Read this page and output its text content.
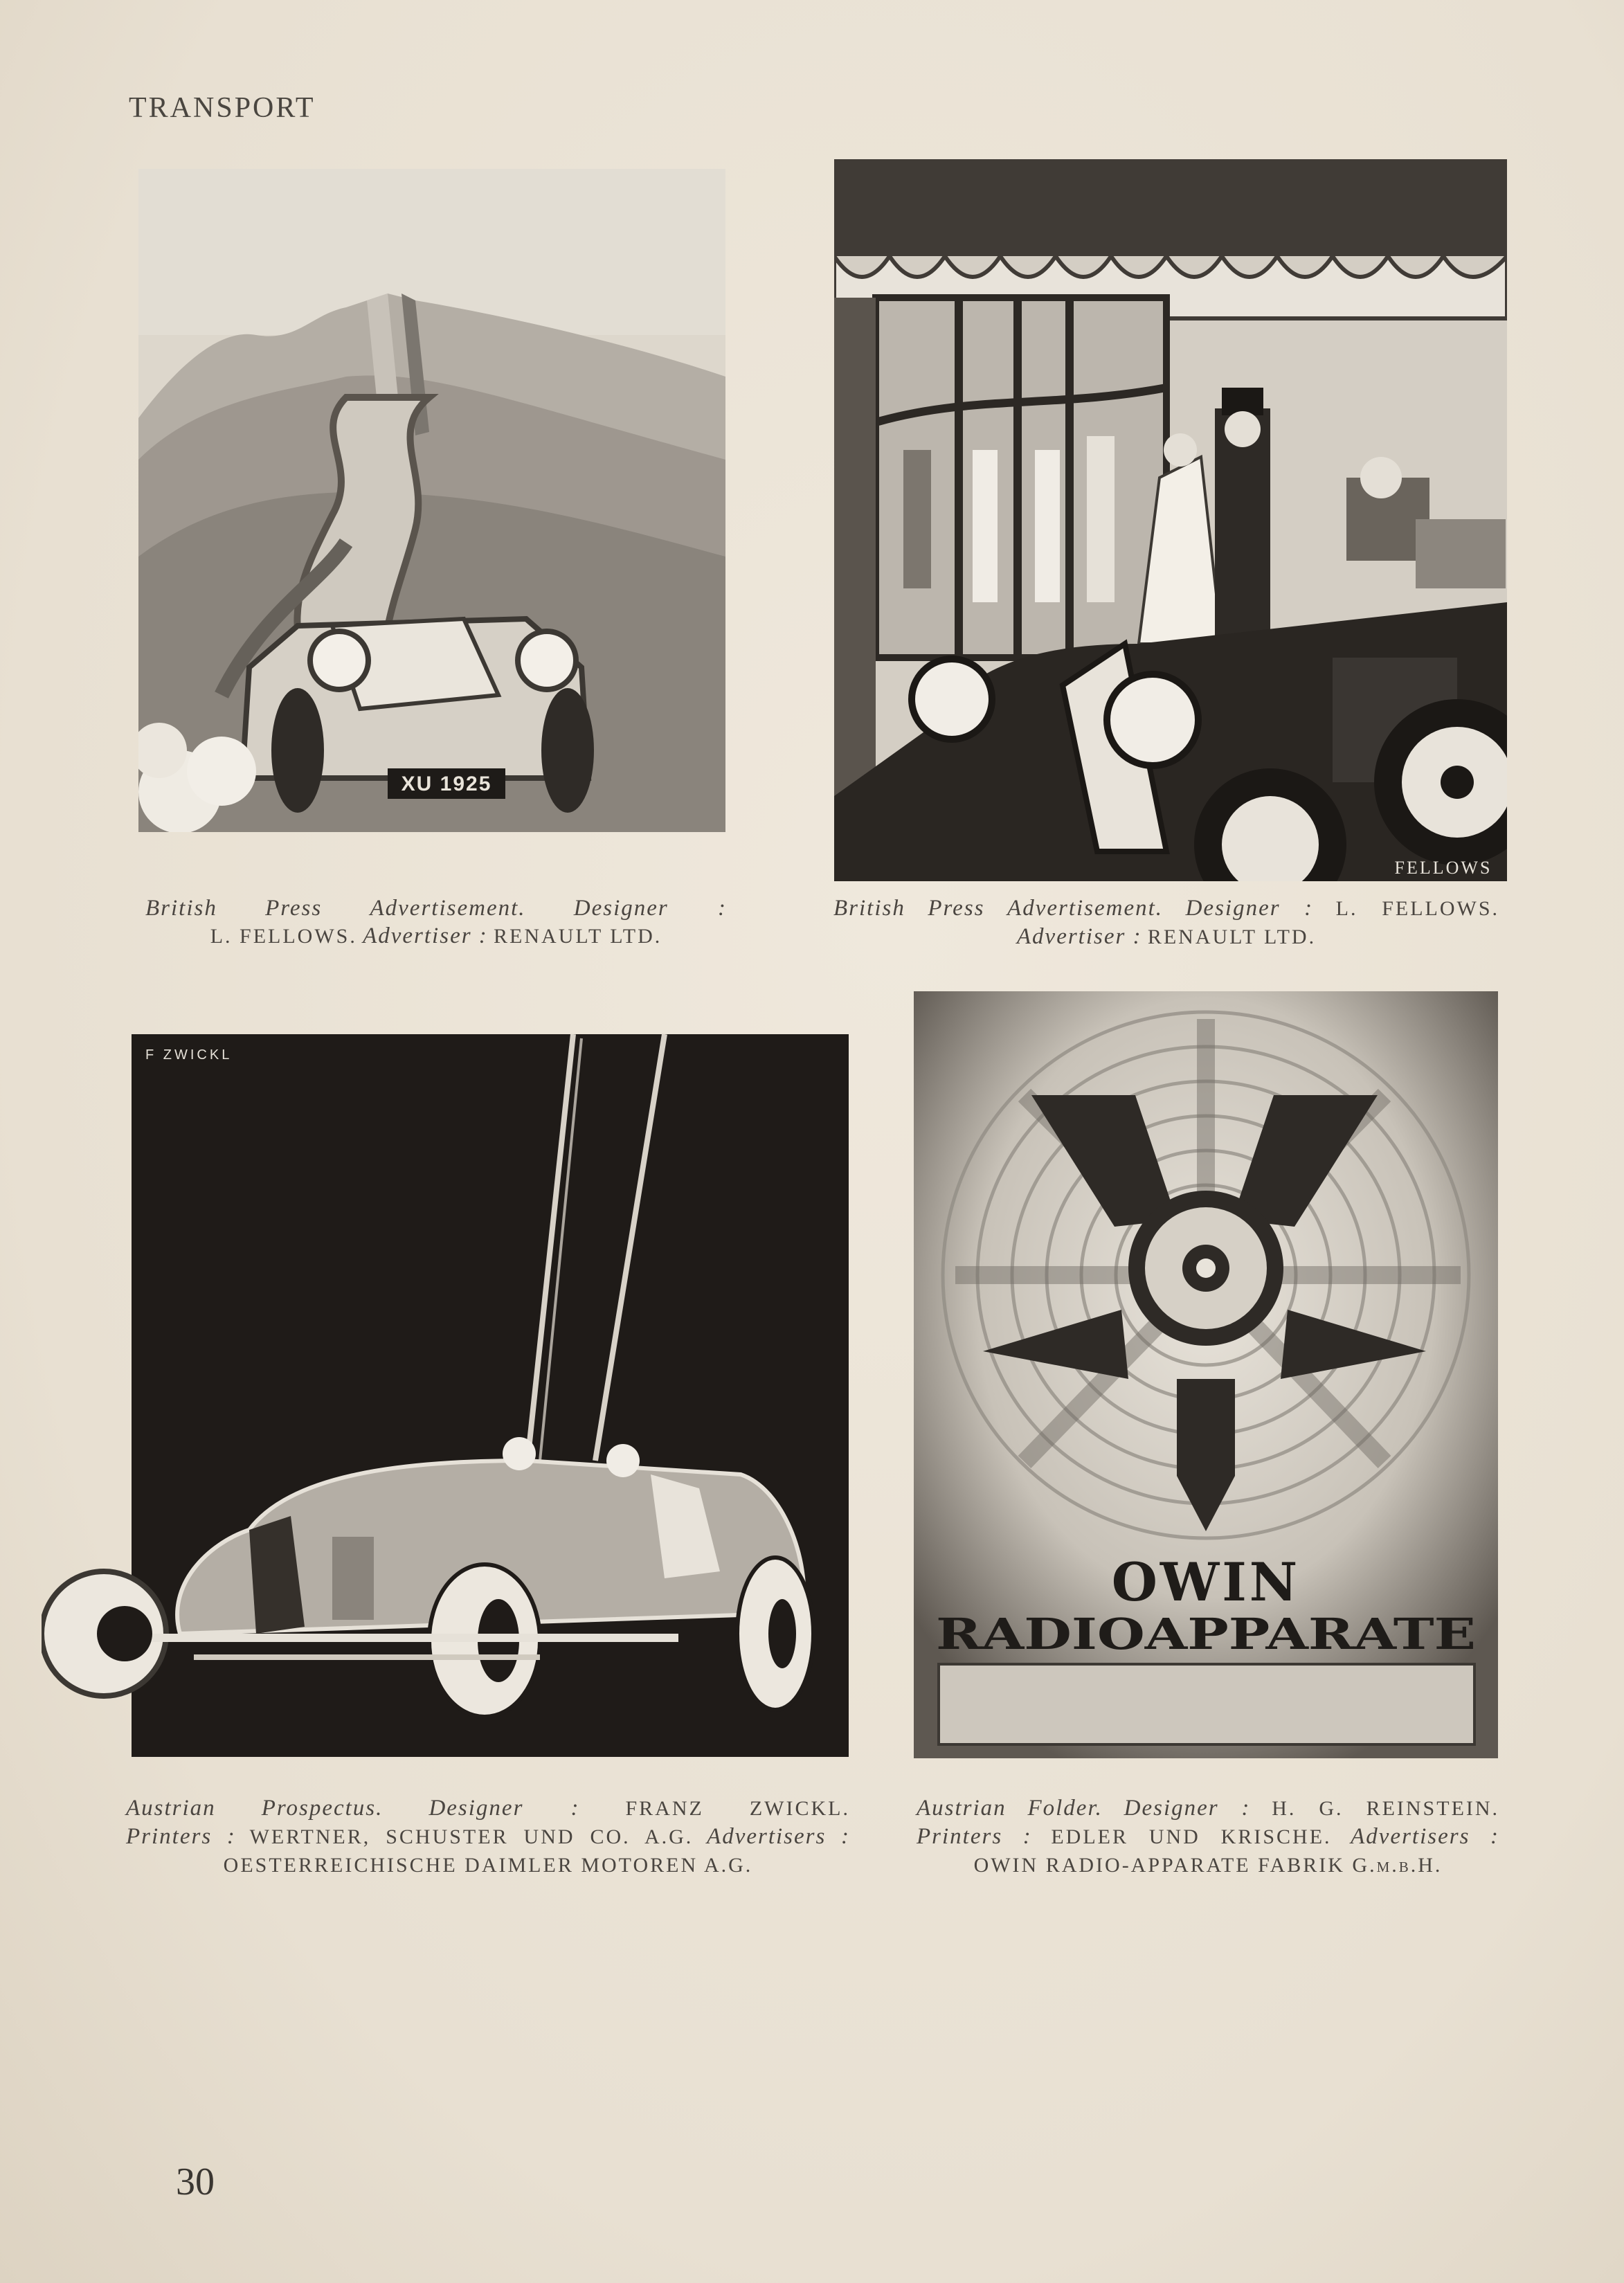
TRANSPORT
XU 1925
FELLOWS
British Press Advertisement. Designer :
L. FELLOWS. Advertiser : RENAULT LTD.
British Press Advertisement. Designer : L. FELLOWS.
Advertiser : RENAULT LTD.
F ZWICKL
OWIN
RADIOAPPARATE
Austrian Prospectus. Designer : FRANZ ZWICKL.
Printers : WERTNER, SCHUSTER UND CO. A.G. Advertisers :
OESTERREICHISCHE DAIMLER MOTOREN A.G.
Austrian Folder. Designer : H. G. REINSTEIN.
Printers : EDLER UND KRISCHE. Advertisers :
OWIN RADIO-APPARATE FABRIK G.m.b.H.
30
